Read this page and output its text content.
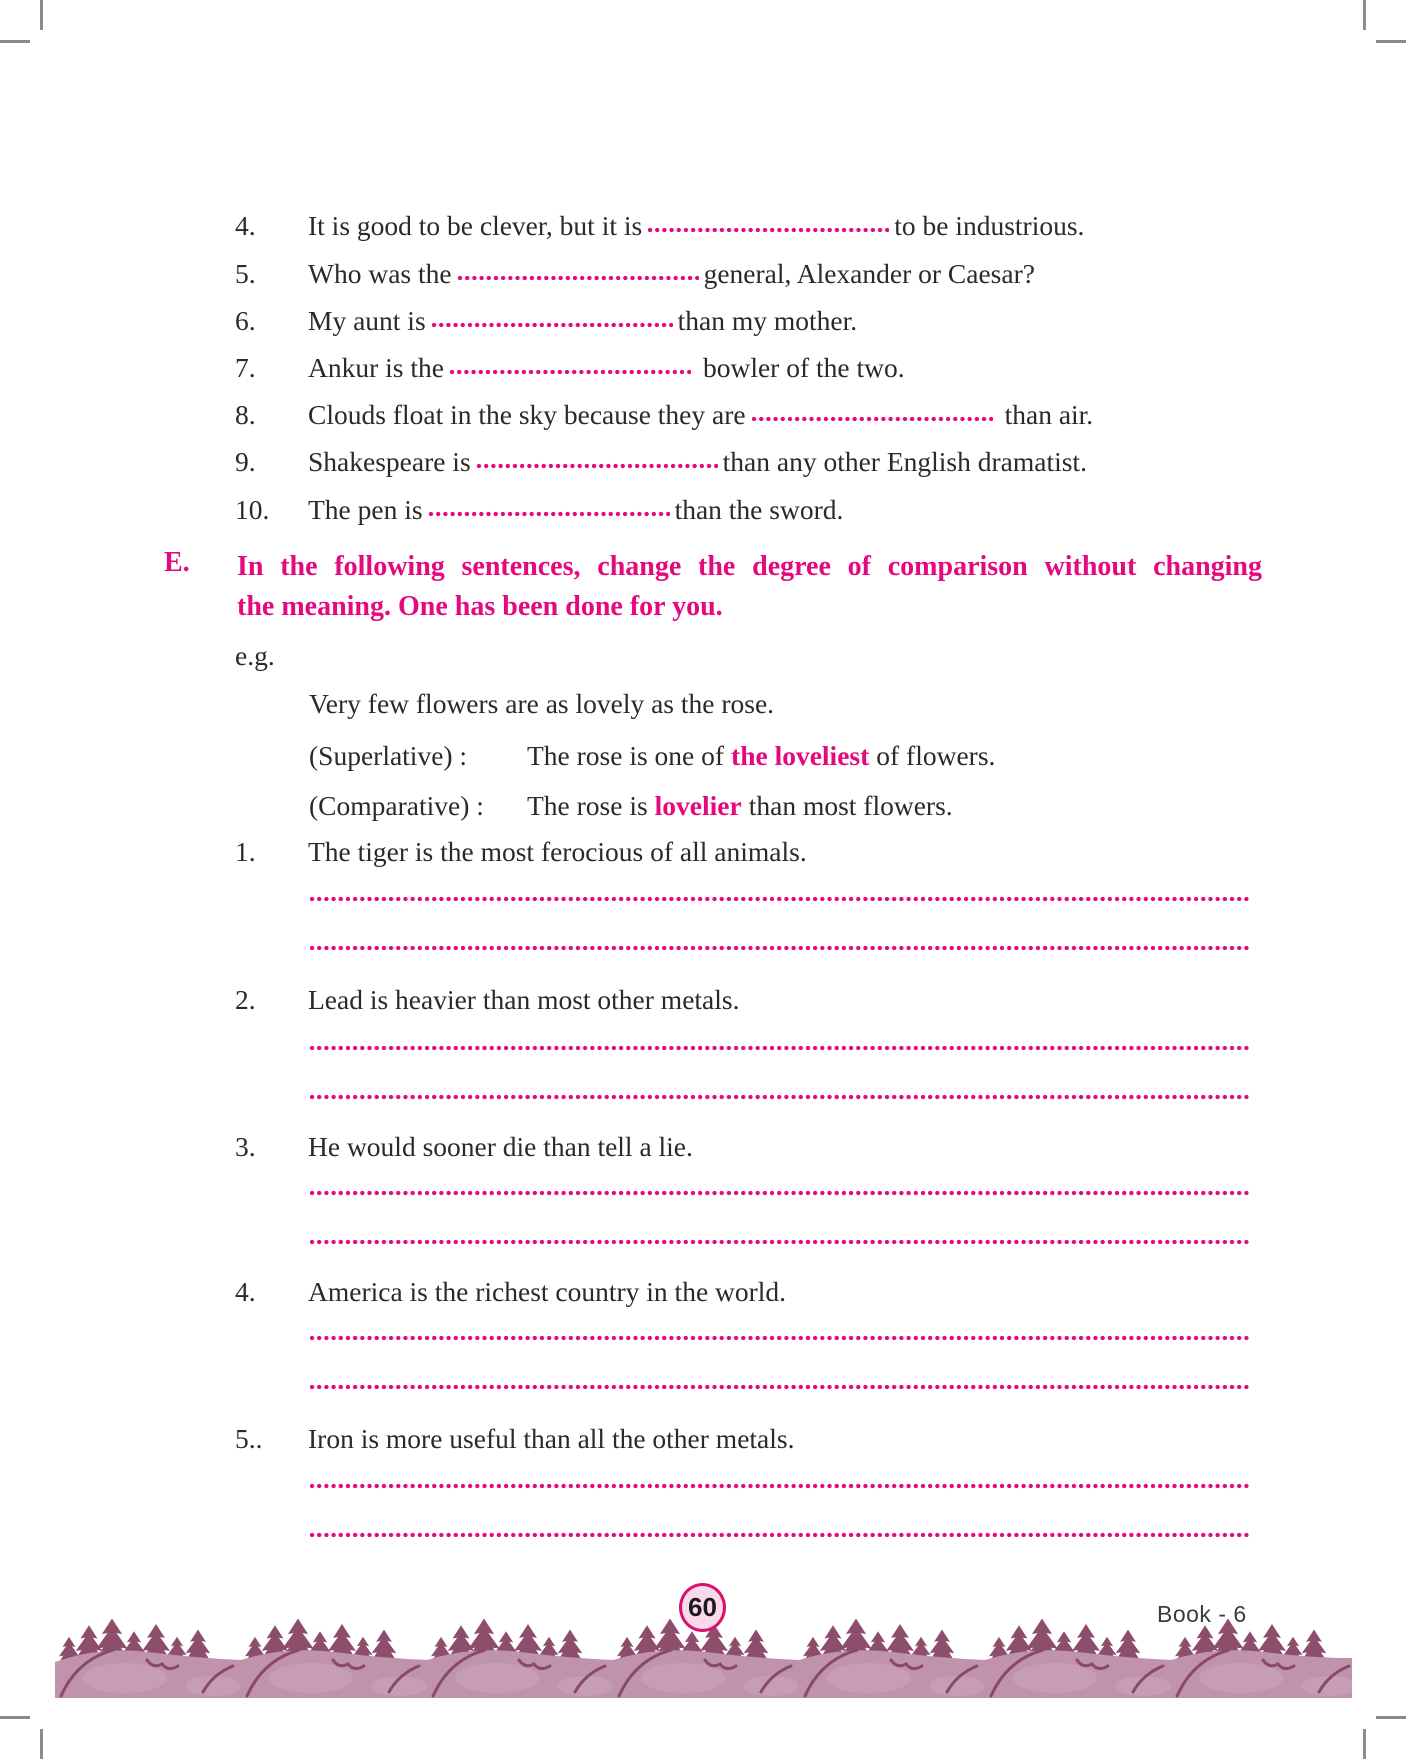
4. It is good to be clever, but it is	to be industrious.
5. Who was the	general, Alexander or Caesar?
6. My aunt is	than my mother.
7. Ankur is the	bowler of the two.
8. Clouds float in the sky because they are	than air.
9. Shakespeare is	than any other English dramatist.
10. The pen is	than the sword.
E. In the following sentences, change the degree of comparison without changing
the meaning. One has been done for you.
e.g.
Very few flowers are as lovely as the rose.
(Superlative) : The rose is one of the loveliest of flowers.
(Comparative) : The rose is lovelier than most flowers.
1. The tiger is the most ferocious of all animals.
2. Lead is heavier than most other metals.
3. He would sooner die than tell a lie.
4. America is the richest country in the world.
5.. Iron is more useful than all the other metals.
60	Book - 6
